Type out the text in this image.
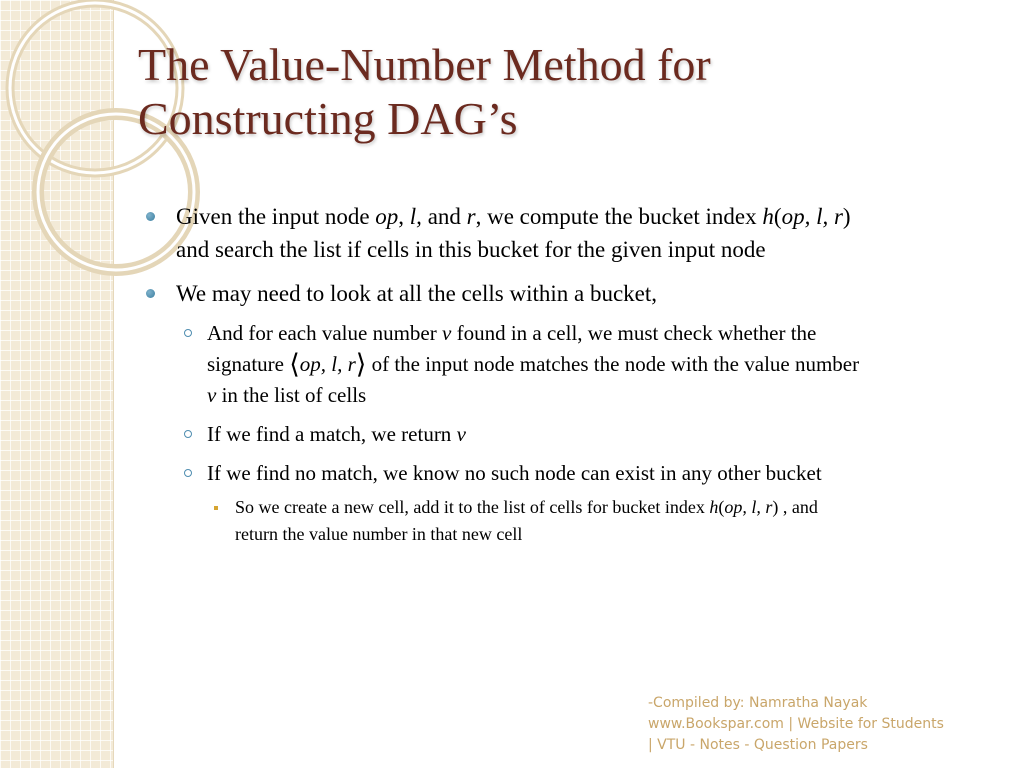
The Value-Number Method for
Constructing DAG’s
Given the input node op, l, and r, we compute the bucket index h(op, l, r)
and search the list if cells in this bucket for the given input node
We may need to look at all the cells within a bucket,
And for each value number v found in a cell, we must check whether the
signature ⟨op, l, r⟩ of the input node matches the node with the value number
v in the list of cells
If we find a match, we return v
If we find no match, we know no such node can exist in any other bucket
So we create a new cell, add it to the list of cells for bucket index h(op, l, r) , and
return the value number in that new cell
-Compiled by: Namratha Nayak
www.Bookspar.com | Website for Students
| VTU - Notes - Question Papers
